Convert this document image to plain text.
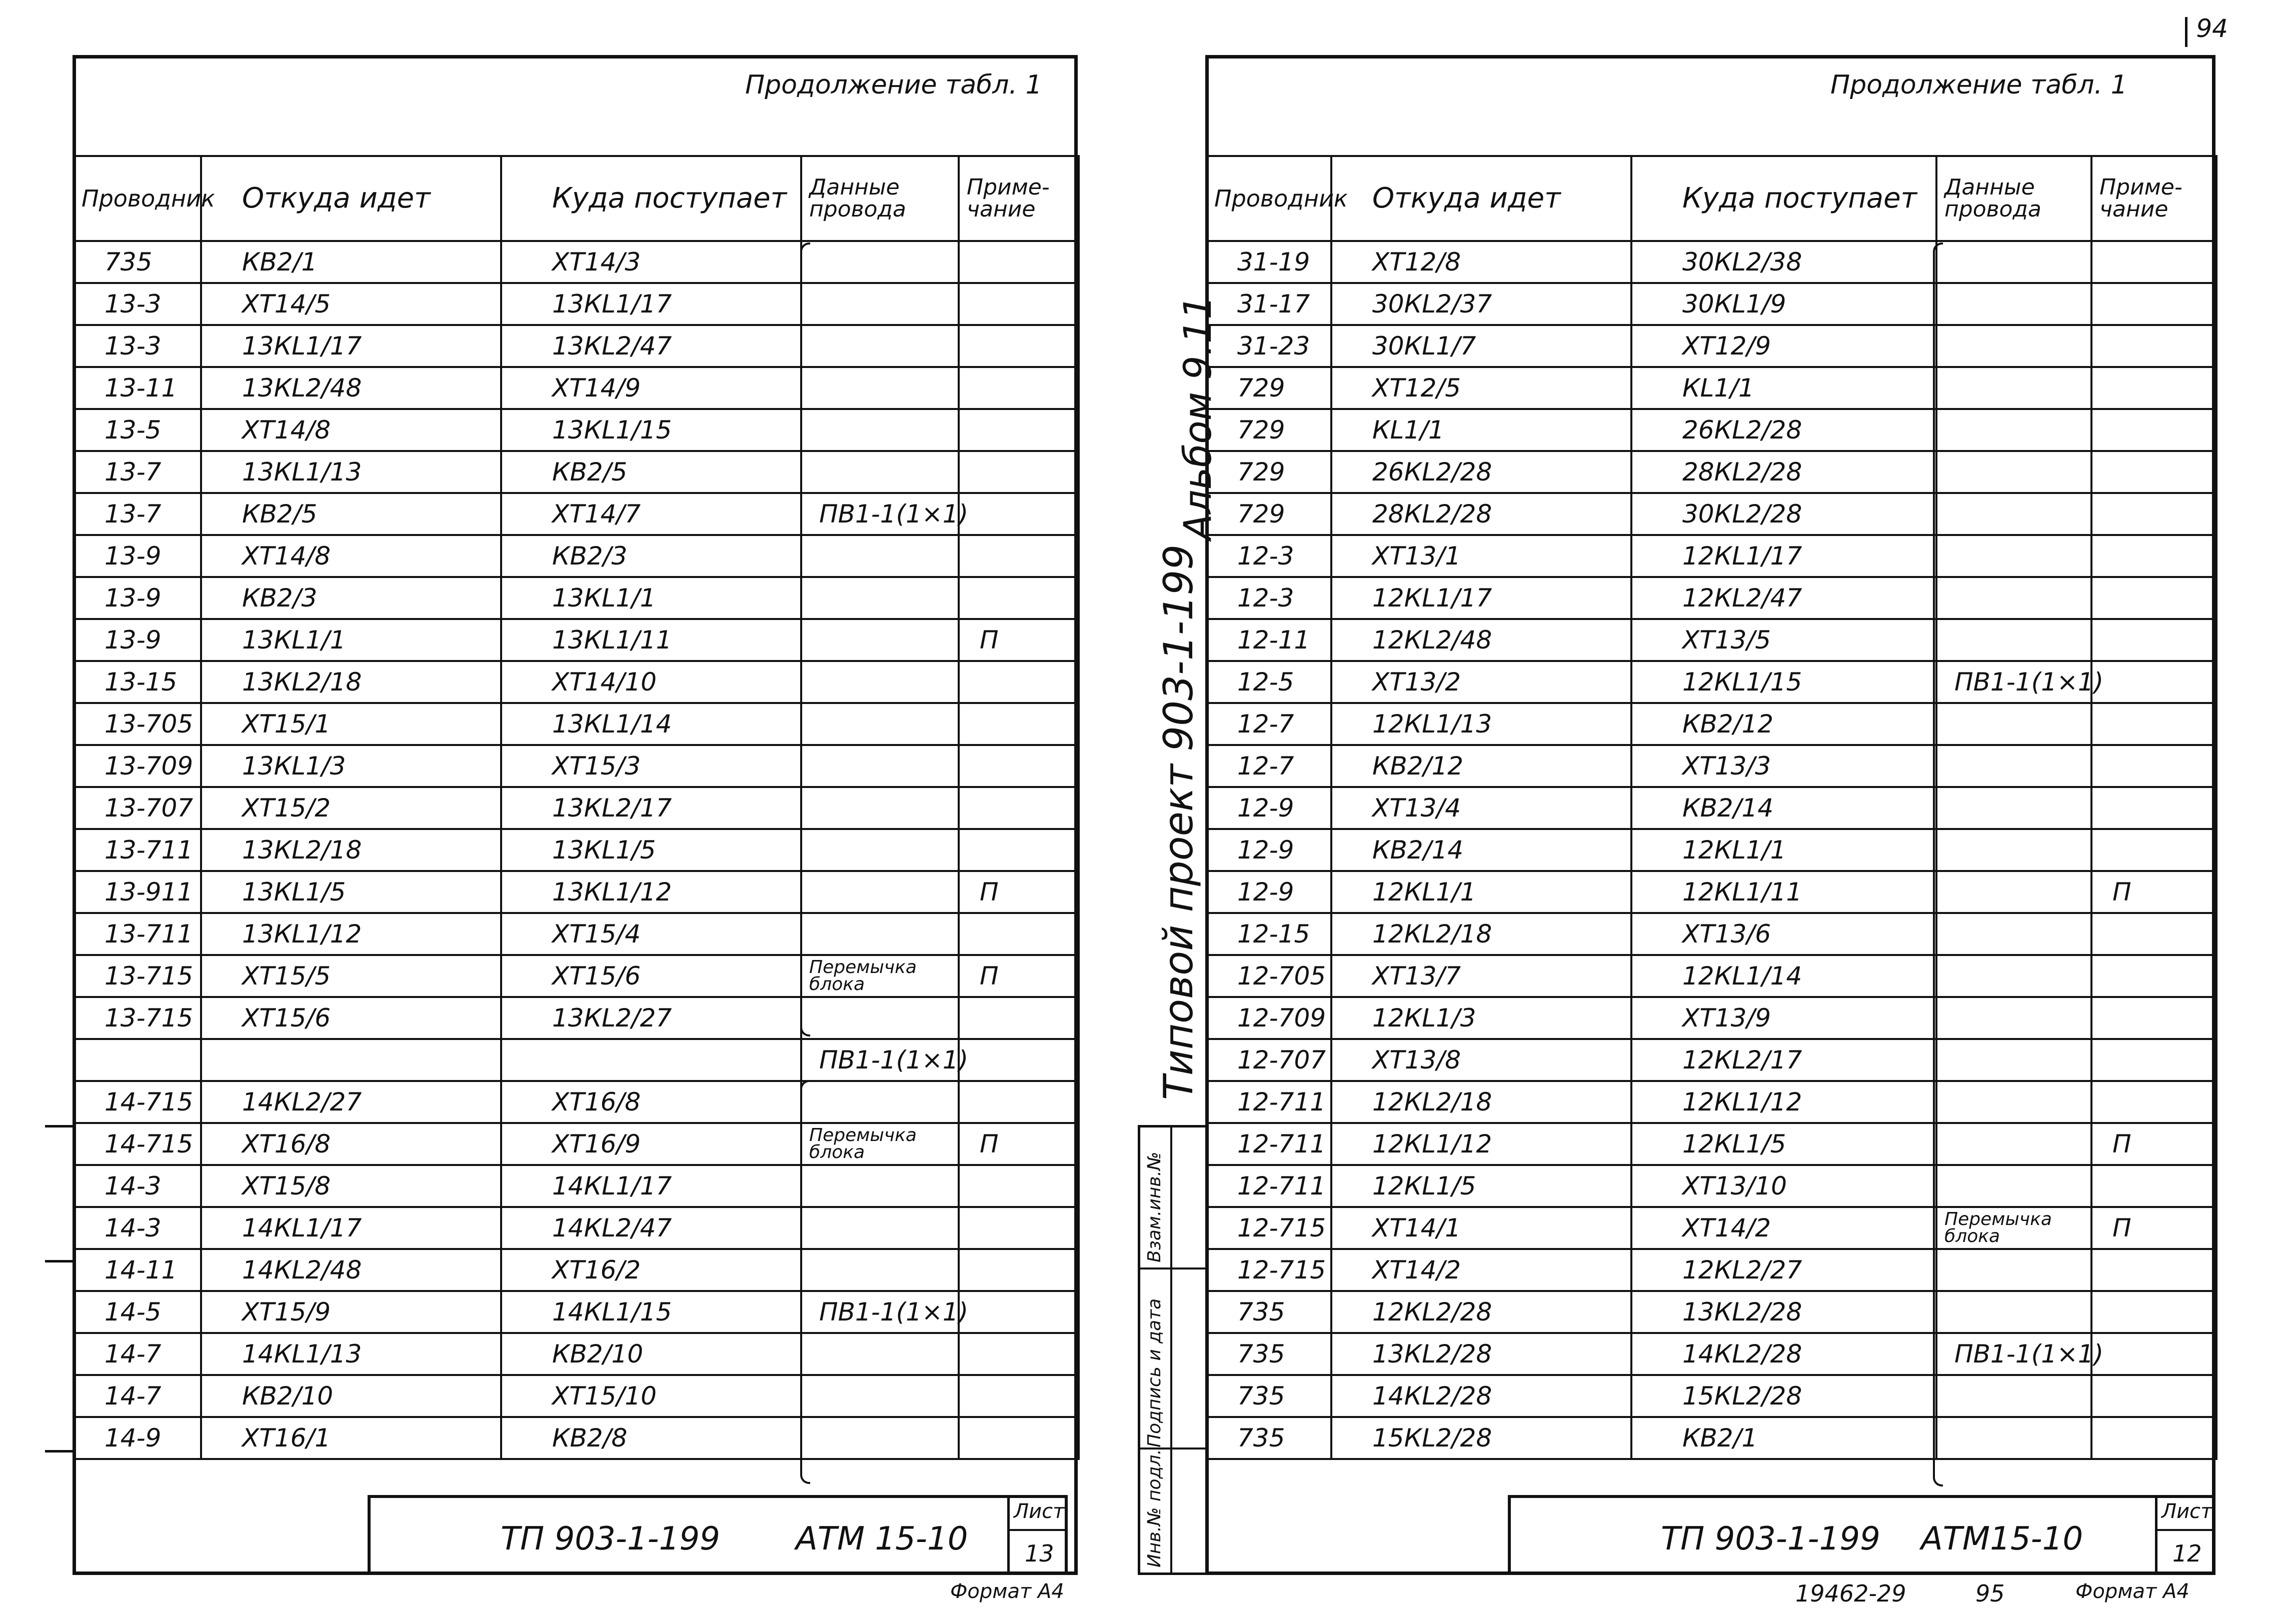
94
Продолжение табл. 1
Проводник	Откуда идет	Куда поступает	Данные провода	Приме-чание
735	КВ2/1	ХТ14/3		
13-3	ХТ14/5	13КL1/17		
13-3	13КL1/17	13КL2/47		
13-11	13КL2/48	ХТ14/9		
13-5	ХТ14/8	13КL1/15		
13-7	13КL1/13	КВ2/5		
13-7	КВ2/5	ХТ14/7	ПВ1-1(1×1)	
13-9	ХТ14/8	КВ2/3		
13-9	КВ2/3	13КL1/1		
13-9	13КL1/1	13КL1/11		П
13-15	13КL2/18	ХТ14/10		
13-705	ХТ15/1	13КL1/14		
13-709	13КL1/3	ХТ15/3		
13-707	ХТ15/2	13КL2/17		
13-711	13КL2/18	13КL1/5		
13-911	13КL1/5	13КL1/12		П
13-711	13КL1/12	ХТ15/4		
13-715	ХТ15/5	ХТ15/6	Перемычка блока	П
13-715	ХТ15/6	13КL2/27		
			ПВ1-1(1×1)	
14-715	14КL2/27	ХТ16/8		
14-715	ХТ16/8	ХТ16/9	Перемычка блока	П
14-3	ХТ15/8	14КL1/17		
14-3	14КL1/17	14КL2/47		
14-11	14КL2/48	ХТ16/2		
14-5	ХТ15/9	14КL1/15	ПВ1-1(1×1)	
14-7	14КL1/13	КВ2/10		
14-7	КВ2/10	ХТ15/10		
14-9	ХТ16/1	КВ2/8		
ТП 903-1-199 АТМ 15-10
Лист
13
Формат А4
Альбом 9.11
Типовой проект 903-1-199
Взам.инв.№
Подпись и дата
Инв.№ подл.
Продолжение табл. 1
Проводник	Откуда идет	Куда поступает	Данные провода	Приме-чание
31-19	ХТ12/8	30КL2/38		
31-17	30КL2/37	30КL1/9		
31-23	30КL1/7	ХТ12/9		
729	ХТ12/5	КL1/1		
729	КL1/1	26КL2/28		
729	26КL2/28	28КL2/28		
729	28КL2/28	30КL2/28		
12-3	ХТ13/1	12КL1/17		
12-3	12КL1/17	12КL2/47		
12-11	12КL2/48	ХТ13/5		
12-5	ХТ13/2	12КL1/15	ПВ1-1(1×1)	
12-7	12КL1/13	КВ2/12		
12-7	КВ2/12	ХТ13/3		
12-9	ХТ13/4	КВ2/14		
12-9	КВ2/14	12КL1/1		
12-9	12КL1/1	12КL1/11		П
12-15	12КL2/18	ХТ13/6		
12-705	ХТ13/7	12КL1/14		
12-709	12КL1/3	ХТ13/9		
12-707	ХТ13/8	12КL2/17		
12-711	12КL2/18	12КL1/12		
12-711	12КL1/12	12КL1/5		П
12-711	12КL1/5	ХТ13/10		
12-715	ХТ14/1	ХТ14/2	Перемычка блока	П
12-715	ХТ14/2	12КL2/27		
735	12КL2/28	13КL2/28		
735	13КL2/28	14КL2/28	ПВ1-1(1×1)	
735	14КL2/28	15КL2/28		
735	15КL2/28	КВ2/1		
ТП 903-1-199 АТМ15-10
Лист
12
19462-29	95	Формат А4
